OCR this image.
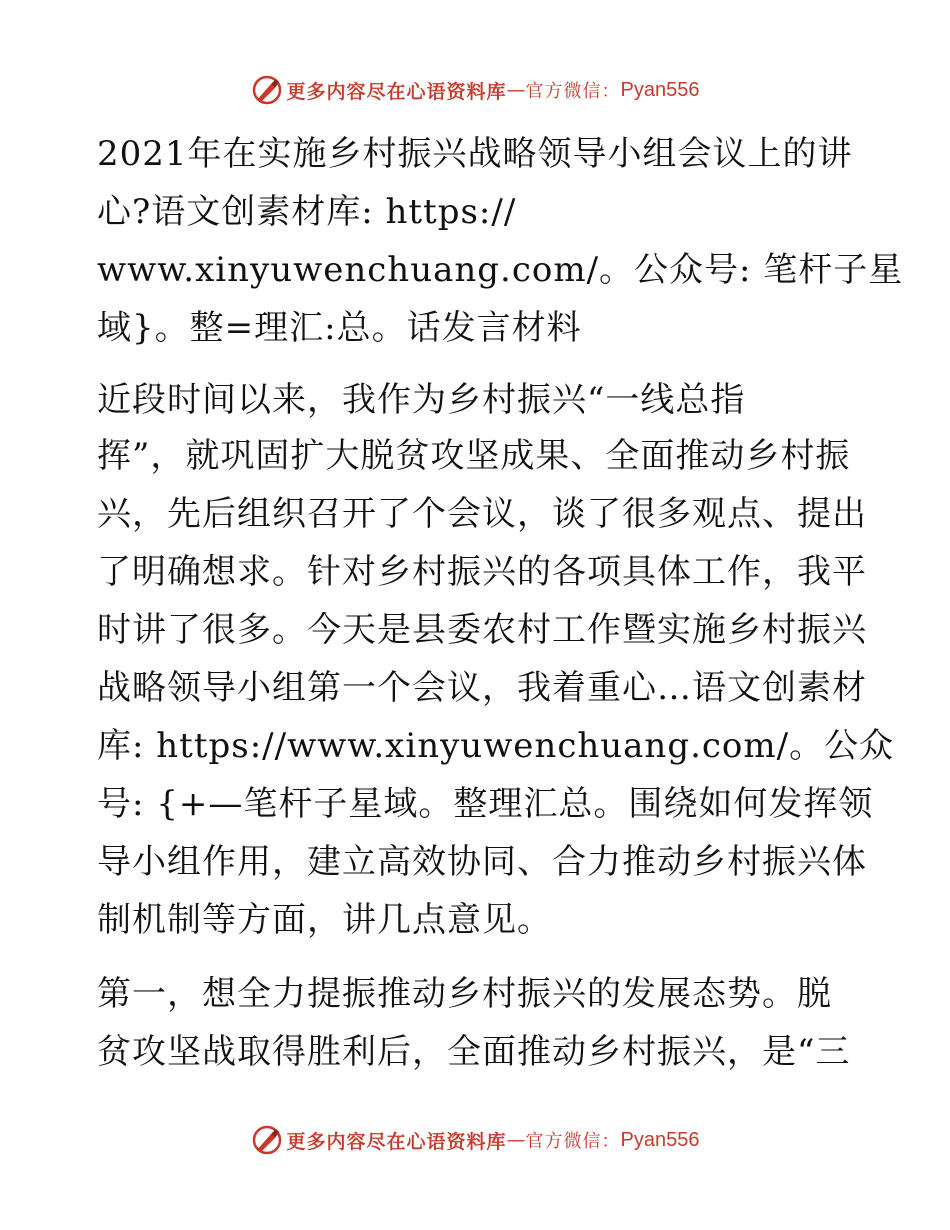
更多内容尽在心语资料库 — 官方微信： Pyan556
2021年在实施乡村振兴战略领导小组会议上的讲
心?语文创素材库: https://
www.xinyuwenchuang.com/。公众号: 笔杆子星
域}。整=理汇:总。话发言材料
近段时间以来，我作为乡村振兴“一线总指
挥”，就巩固扩大脱贫攻坚成果、全面推动乡村振
兴，先后组织召开了个会议，谈了很多观点、提出
了明确想求。针对乡村振兴的各项具体工作，我平
时讲了很多。今天是县委农村工作暨实施乡村振兴
战略领导小组第一个会议，我着重心…语文创素材
库: https://www.xinyuwenchuang.com/。公众
号: {+—笔杆子星域。整理汇总。围绕如何发挥领
导小组作用，建立高效协同、合力推动乡村振兴体
制机制等方面，讲几点意见。
第一，想全力提振推动乡村振兴的发展态势。脱
贫攻坚战取得胜利后，全面推动乡村振兴，是“三
更多内容尽在心语资料库 — 官方微信： Pyan556
